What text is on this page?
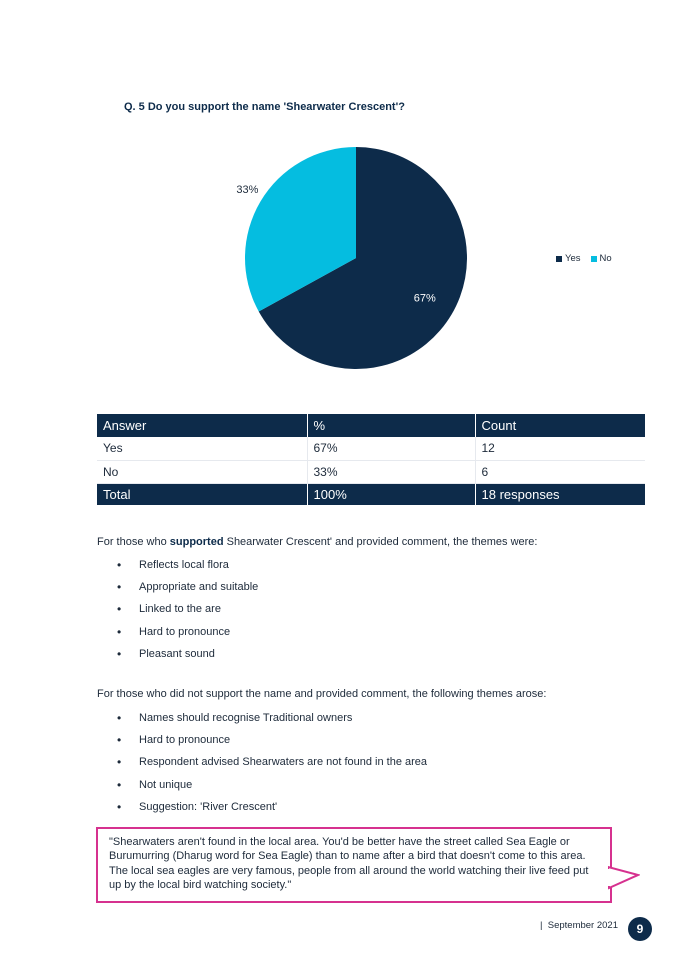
Q. 5 Do you support the name 'Shearwater Crescent'?
67%
33%
Yes No
Answer	%	Count
Yes	67%	12
No	33%	6
Total	100%	18 responses
For those who supported Shearwater Crescent' and provided comment, the themes were:
• Reflects local flora
• Appropriate and suitable
• Linked to the are
• Hard to pronounce
• Pleasant sound
For those who did not support the name and provided comment, the following themes arose:
• Names should recognise Traditional owners
• Hard to pronounce
• Respondent advised Shearwaters are not found in the area
• Not unique
• Suggestion: 'River Crescent'
"Shearwaters aren't found in the local area. You'd be better have the street called Sea Eagle or Burumurring (Dharug word for Sea Eagle) than to name after a bird that doesn't come to this area. The local sea eagles are very famous, people from all around the world watching their live feed put up by the local bird watching society."
| September 2021	9
